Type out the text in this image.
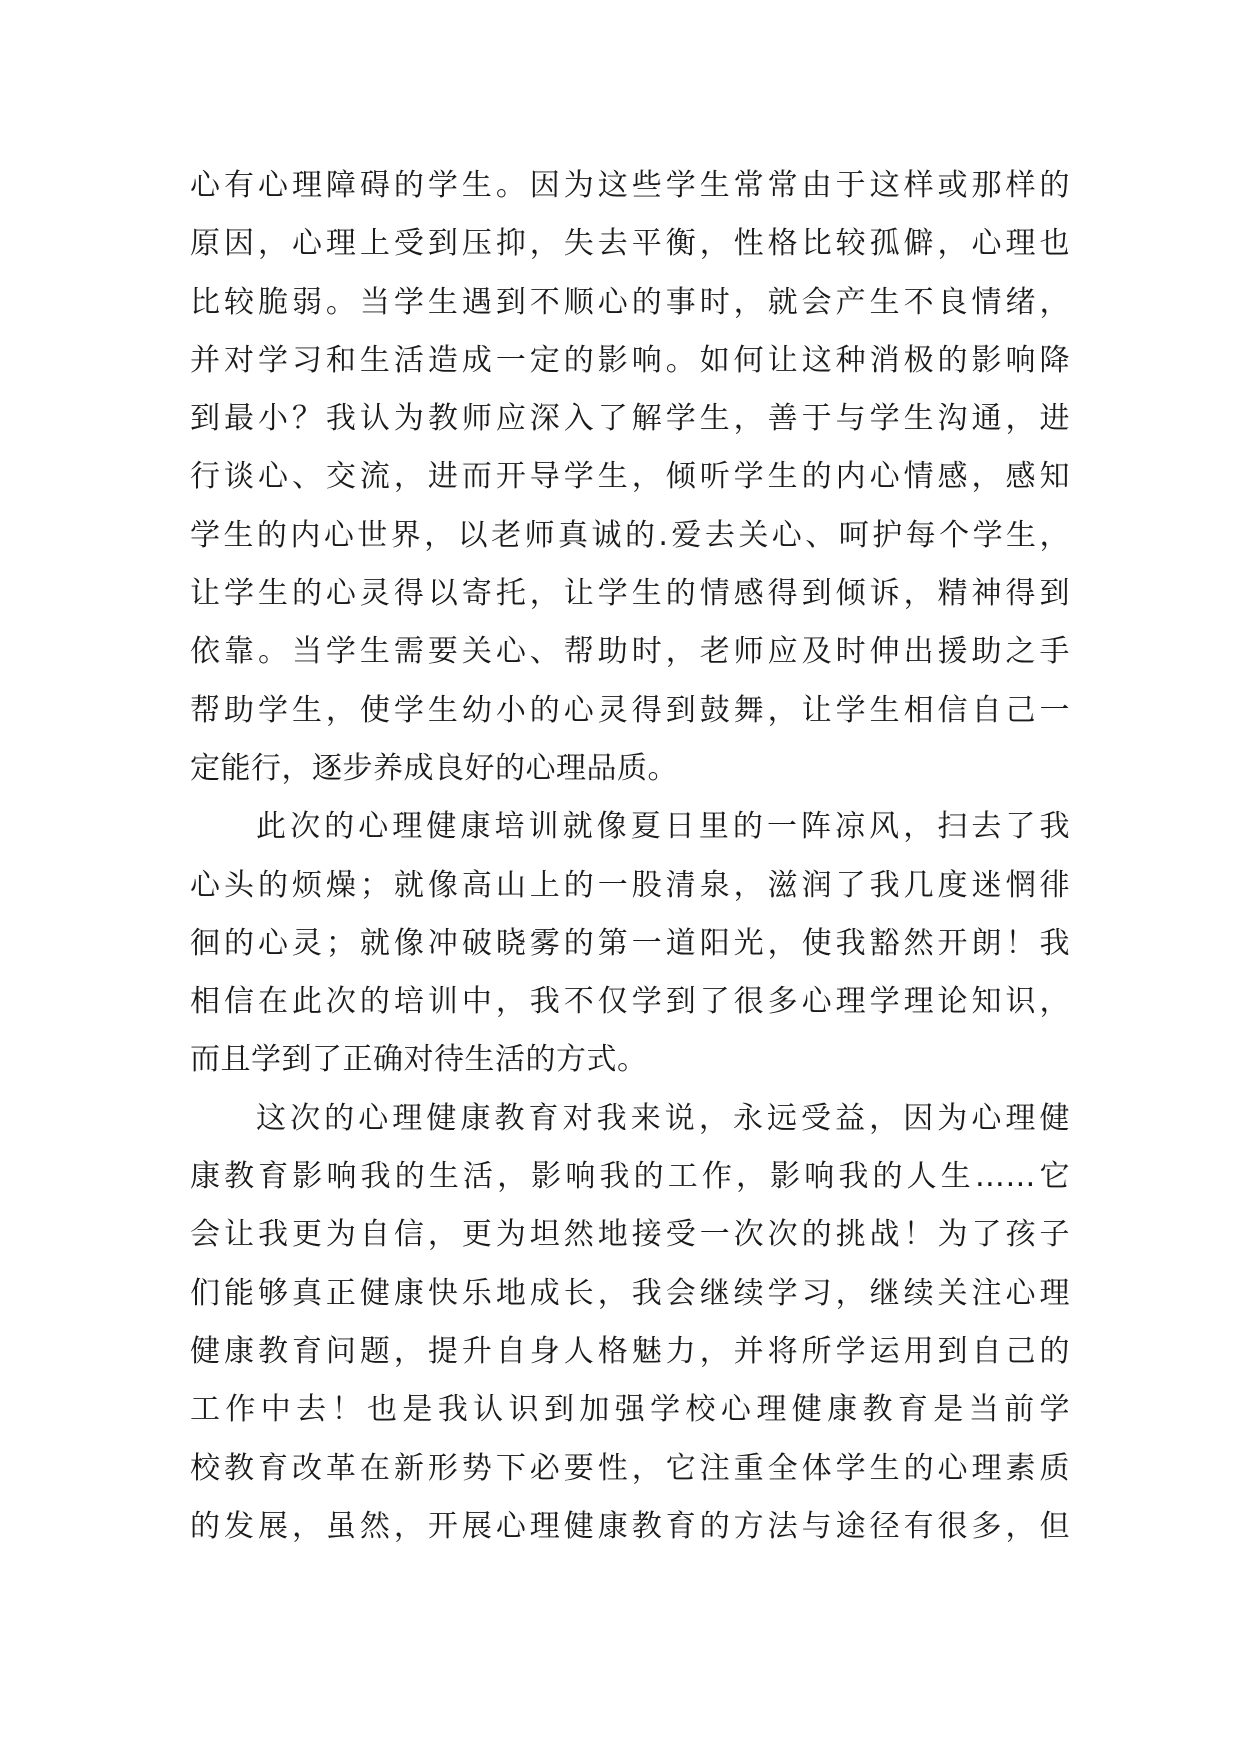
心有心理障碍的学生。因为这些学生常常由于这样或那样的
原因，心理上受到压抑，失去平衡，性格比较孤僻，心理也
比较脆弱。当学生遇到不顺心的事时，就会产生不良情绪，
并对学习和生活造成一定的影响。如何让这种消极的影响降
到最小？我认为教师应深入了解学生，善于与学生沟通，进
行谈心、交流，进而开导学生，倾听学生的内心情感，感知
学生的内心世界，以老师真诚的.爱去关心、呵护每个学生，
让学生的心灵得以寄托，让学生的情感得到倾诉，精神得到
依靠。当学生需要关心、帮助时，老师应及时伸出援助之手
帮助学生，使学生幼小的心灵得到鼓舞，让学生相信自己一
定能行，逐步养成良好的心理品质。
此次的心理健康培训就像夏日里的一阵凉风，扫去了我
心头的烦燥；就像高山上的一股清泉，滋润了我几度迷惘徘
徊的心灵；就像冲破晓雾的第一道阳光，使我豁然开朗！我
相信在此次的培训中，我不仅学到了很多心理学理论知识，
而且学到了正确对待生活的方式。
这次的心理健康教育对我来说，永远受益，因为心理健
康教育影响我的生活，影响我的工作，影响我的人生……它
会让我更为自信，更为坦然地接受一次次的挑战！为了孩子
们能够真正健康快乐地成长，我会继续学习，继续关注心理
健康教育问题，提升自身人格魅力，并将所学运用到自己的
工作中去！也是我认识到加强学校心理健康教育是当前学
校教育改革在新形势下必要性，它注重全体学生的心理素质
的发展，虽然，开展心理健康教育的方法与途径有很多，但
